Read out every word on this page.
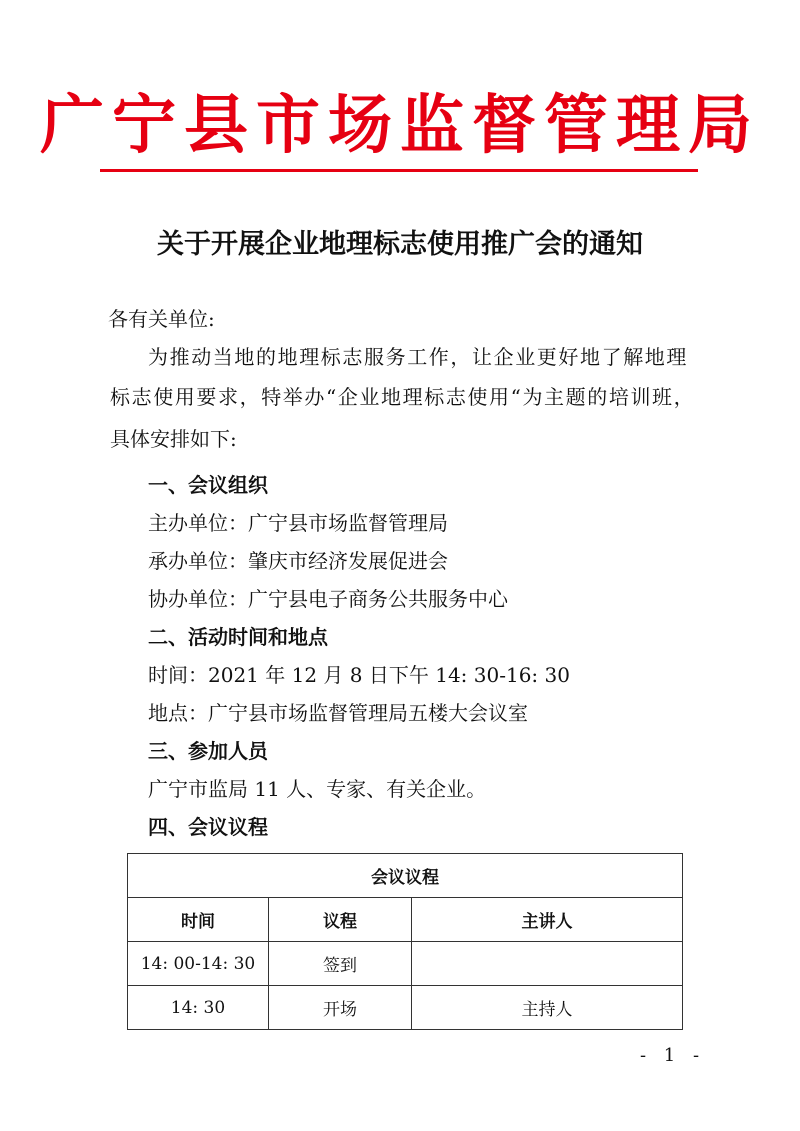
广宁县市场监督管理局
关于开展企业地理标志使用推广会的通知
各有关单位:
为推动当地的地理标志服务工作，让企业更好地了解地理
标志使用要求，特举办“企业地理标志使用“为主题的培训班，
具体安排如下:
一、会议组织
主办单位：广宁县市场监督管理局
承办单位：肇庆市经济发展促进会
协办单位：广宁县电子商务公共服务中心
二、活动时间和地点
时间：2021 年 12 月 8 日下午 14: 30-16: 30
地点：广宁县市场监督管理局五楼大会议室
三、参加人员
广宁市监局 11 人、专家、有关企业。
四、会议议程
会议议程		
时间	议程	主讲人
14: 00-14: 30	签到	
14: 30	开场	主持人
- 1 -
